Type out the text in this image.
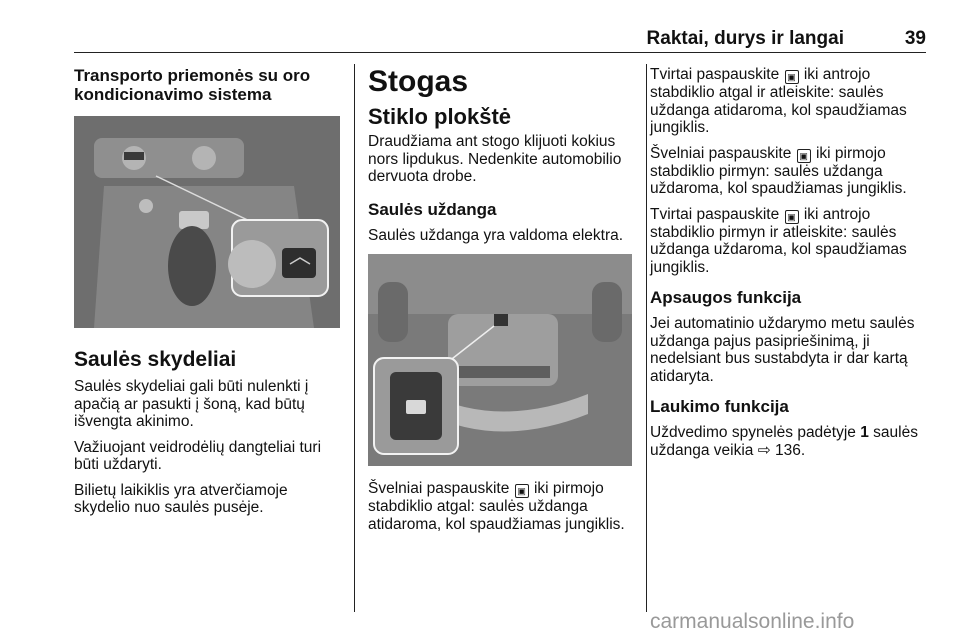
Raktai, durys ir langai	39
Transporto priemonės su oro kondicionavimo sistema
Saulės skydeliai

Saulės skydeliai gali būti nulenkti į apačią ar pasukti į šoną, kad būtų išvengta akinimo.

Važiuojant veidrodėlių dangteliai turi būti uždaryti.

Bilietų laikiklis yra atverčiamoje skydelio nuo saulės pusėje.

Stogas
Stiklo plokštė

Draudžiama ant stogo klijuoti kokius nors lipdukus. Nedenkite automobilio dervuota drobe.

Saulės uždanga

Saulės uždanga yra valdoma elektra.

Švelniai paspauskite ▣ iki pirmojo stabdiklio atgal: saulės uždanga atidaroma, kol spaudžiamas jungiklis.

Tvirtai paspauskite ▣ iki antrojo stabdiklio atgal ir atleiskite: saulės uždanga atidaroma, kol spaudžiamas jungiklis.

Švelniai paspauskite ▣ iki pirmojo stabdiklio pirmyn: saulės uždanga uždaroma, kol spaudžiamas jungiklis.

Tvirtai paspauskite ▣ iki antrojo stabdiklio pirmyn ir atleiskite: saulės uždanga uždaroma, kol spaudžiamas jungiklis.

Apsaugos funkcija

Jei automatinio uždarymo metu saulės uždanga pajus pasipriešinimą, ji nedelsiant bus sustabdyta ir dar kartą atidaryta.

Laukimo funkcija

Uždvedimo spynelės padėtyje 1 saulės uždanga veikia ⇨ 136.

carmanualsonline.info
